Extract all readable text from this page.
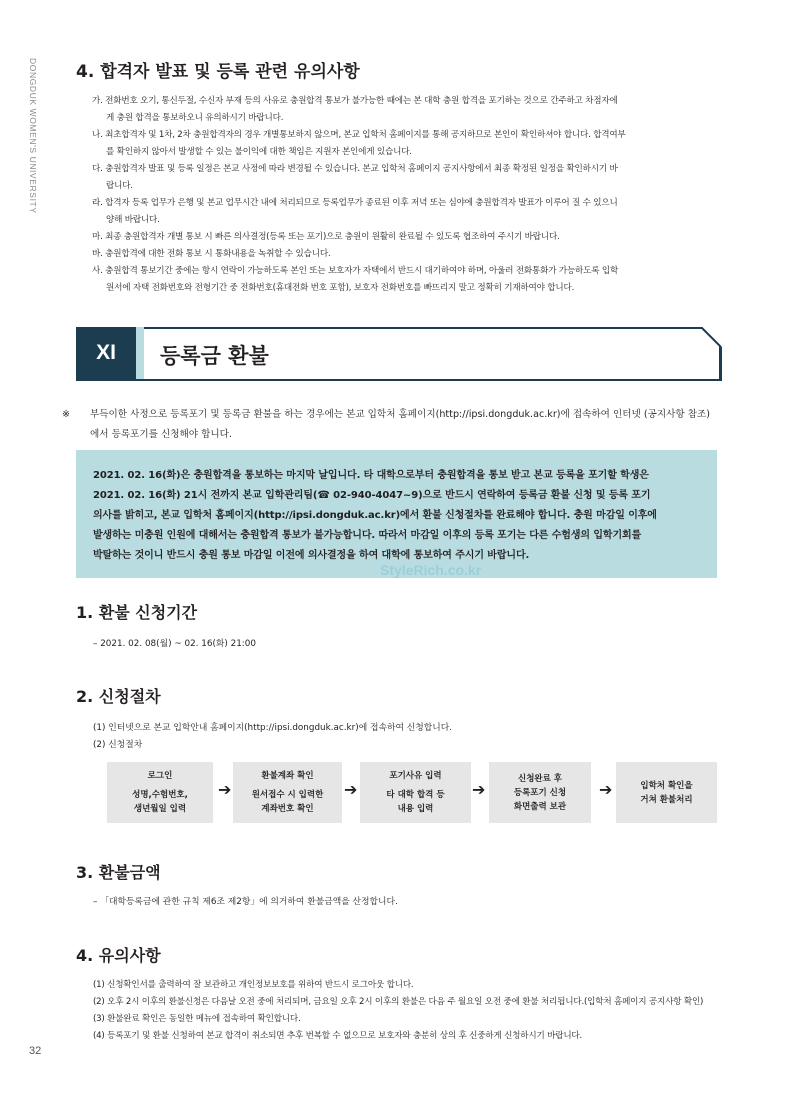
DONGDUK WOMEN'S UNIVERSITY 4. 합격자 발표 및 등록 관련 유의사항
가. 전화번호 오기, 통신두절, 수신자 부재 등의 사유로 충원합격 통보가 불가능한 때에는 본 대학 충원 합격을 포기하는 것으로 간주하고 차점자에
게 충원 합격을 통보하오니 유의하시기 바랍니다.
나. 최초합격자 및 1차, 2차 충원합격자의 경우 개별통보하지 않으며, 본교 입학처 홈페이지를 통해 공지하므로 본인이 확인하셔야 합니다. 합격여부
를 확인하지 않아서 발생할 수 있는 불이익에 대한 책임은 지원자 본인에게 있습니다.
다. 충원합격자 발표 및 등록 일정은 본교 사정에 따라 변경될 수 있습니다. 본교 입학처 홈페이지 공지사항에서 최종 확정된 일정을 확인하시기 바
랍니다.
라. 합격자 등록 업무가 은행 및 본교 업무시간 내에 처리되므로 등록업무가 종료된 이후 저녁 또는 심야에 충원합격자 발표가 이루어 질 수 있으니
양해 바랍니다.
마. 최종 충원합격자 개별 통보 시 빠른 의사결정(등록 또는 포기)으로 충원이 원활히 완료될 수 있도록 협조하여 주시기 바랍니다.
바. 충원합격에 대한 전화 통보 시 통화내용을 녹취할 수 있습니다.
사. 충원합격 통보기간 중에는 항시 연락이 가능하도록 본인 또는 보호자가 자택에서 반드시 대기하여야 하며, 아울러 전화통화가 가능하도록 입학
원서에 자택 전화번호와 전형기간 중 전화번호(휴대전화 번호 포함), 보호자 전화번호를 빠뜨리지 말고 정확히 기재하여야 합니다.
XI	등록금 환불
※ 부득이한 사정으로 등록포기 및 등록금 환불을 하는 경우에는 본교 입학처 홈페이지(http://ipsi.dongduk.ac.kr)에 접속하여 인터넷 (공지사항 참조)에서 등록포기를 신청해야 합니다.
2021. 02. 16(화)은 충원합격을 통보하는 마지막 날입니다. 타 대학으로부터 충원합격을 통보 받고 본교 등록을 포기할 학생은
2021. 02. 16(화) 21시 전까지 본교 입학관리팀(☎ 02-940-4047~9)으로 반드시 연락하여 등록금 환불 신청 및 등록 포기
의사를 밝히고, 본교 입학처 홈페이지(http://ipsi.dongduk.ac.kr)에서 환불 신청절차를 완료해야 합니다. 충원 마감일 이후에
발생하는 미충원 인원에 대해서는 충원합격 통보가 불가능합니다. 따라서 마감일 이후의 등록 포기는 다른 수험생의 입학기회를
박탈하는 것이니 반드시 충원 통보 마감일 이전에 의사결정을 하여 대학에 통보하여 주시기 바랍니다.
StyleRich.co.kr
1. 환불 신청기간
– 2021. 02. 08(월) ~ 02. 16(화) 21:00
2. 신청절차
(1) 인터넷으로 본교 입학안내 홈페이지(http://ipsi.dongduk.ac.kr)에 접속하여 신청합니다.
(2) 신청절차
로그인
성명,수험번호,
생년월일 입력
➔
환불계좌 확인
원서접수 시 입력한
계좌번호 확인
➔
포기사유 입력
타 대학 합격 등
내용 입력
➔
신청완료 후
등록포기 신청
화면출력 보관
➔	입학처 확인을
거쳐 환불처리
3. 환불금액
– 「대학등록금에 관한 규칙 제6조 제2항」에 의거하여 환불금액을 산정합니다.
4. 유의사항
(1) 신청확인서를 출력하여 잘 보관하고 개인정보보호를 위하여 반드시 로그아웃 합니다.
(2) 오후 2시 이후의 환불신청은 다음날 오전 중에 처리되며, 금요일 오후 2시 이후의 환불은 다음 주 월요일 오전 중에 환불 처리됩니다.(입학처 홈페이지 공지사항 확인)
(3) 환불완료 확인은 동일한 메뉴에 접속하여 확인합니다.
(4) 등록포기 및 환불 신청하여 본교 합격이 취소되면 추후 번복할 수 없으므로 보호자와 충분히 상의 후 신중하게 신청하시기 바랍니다.
32
